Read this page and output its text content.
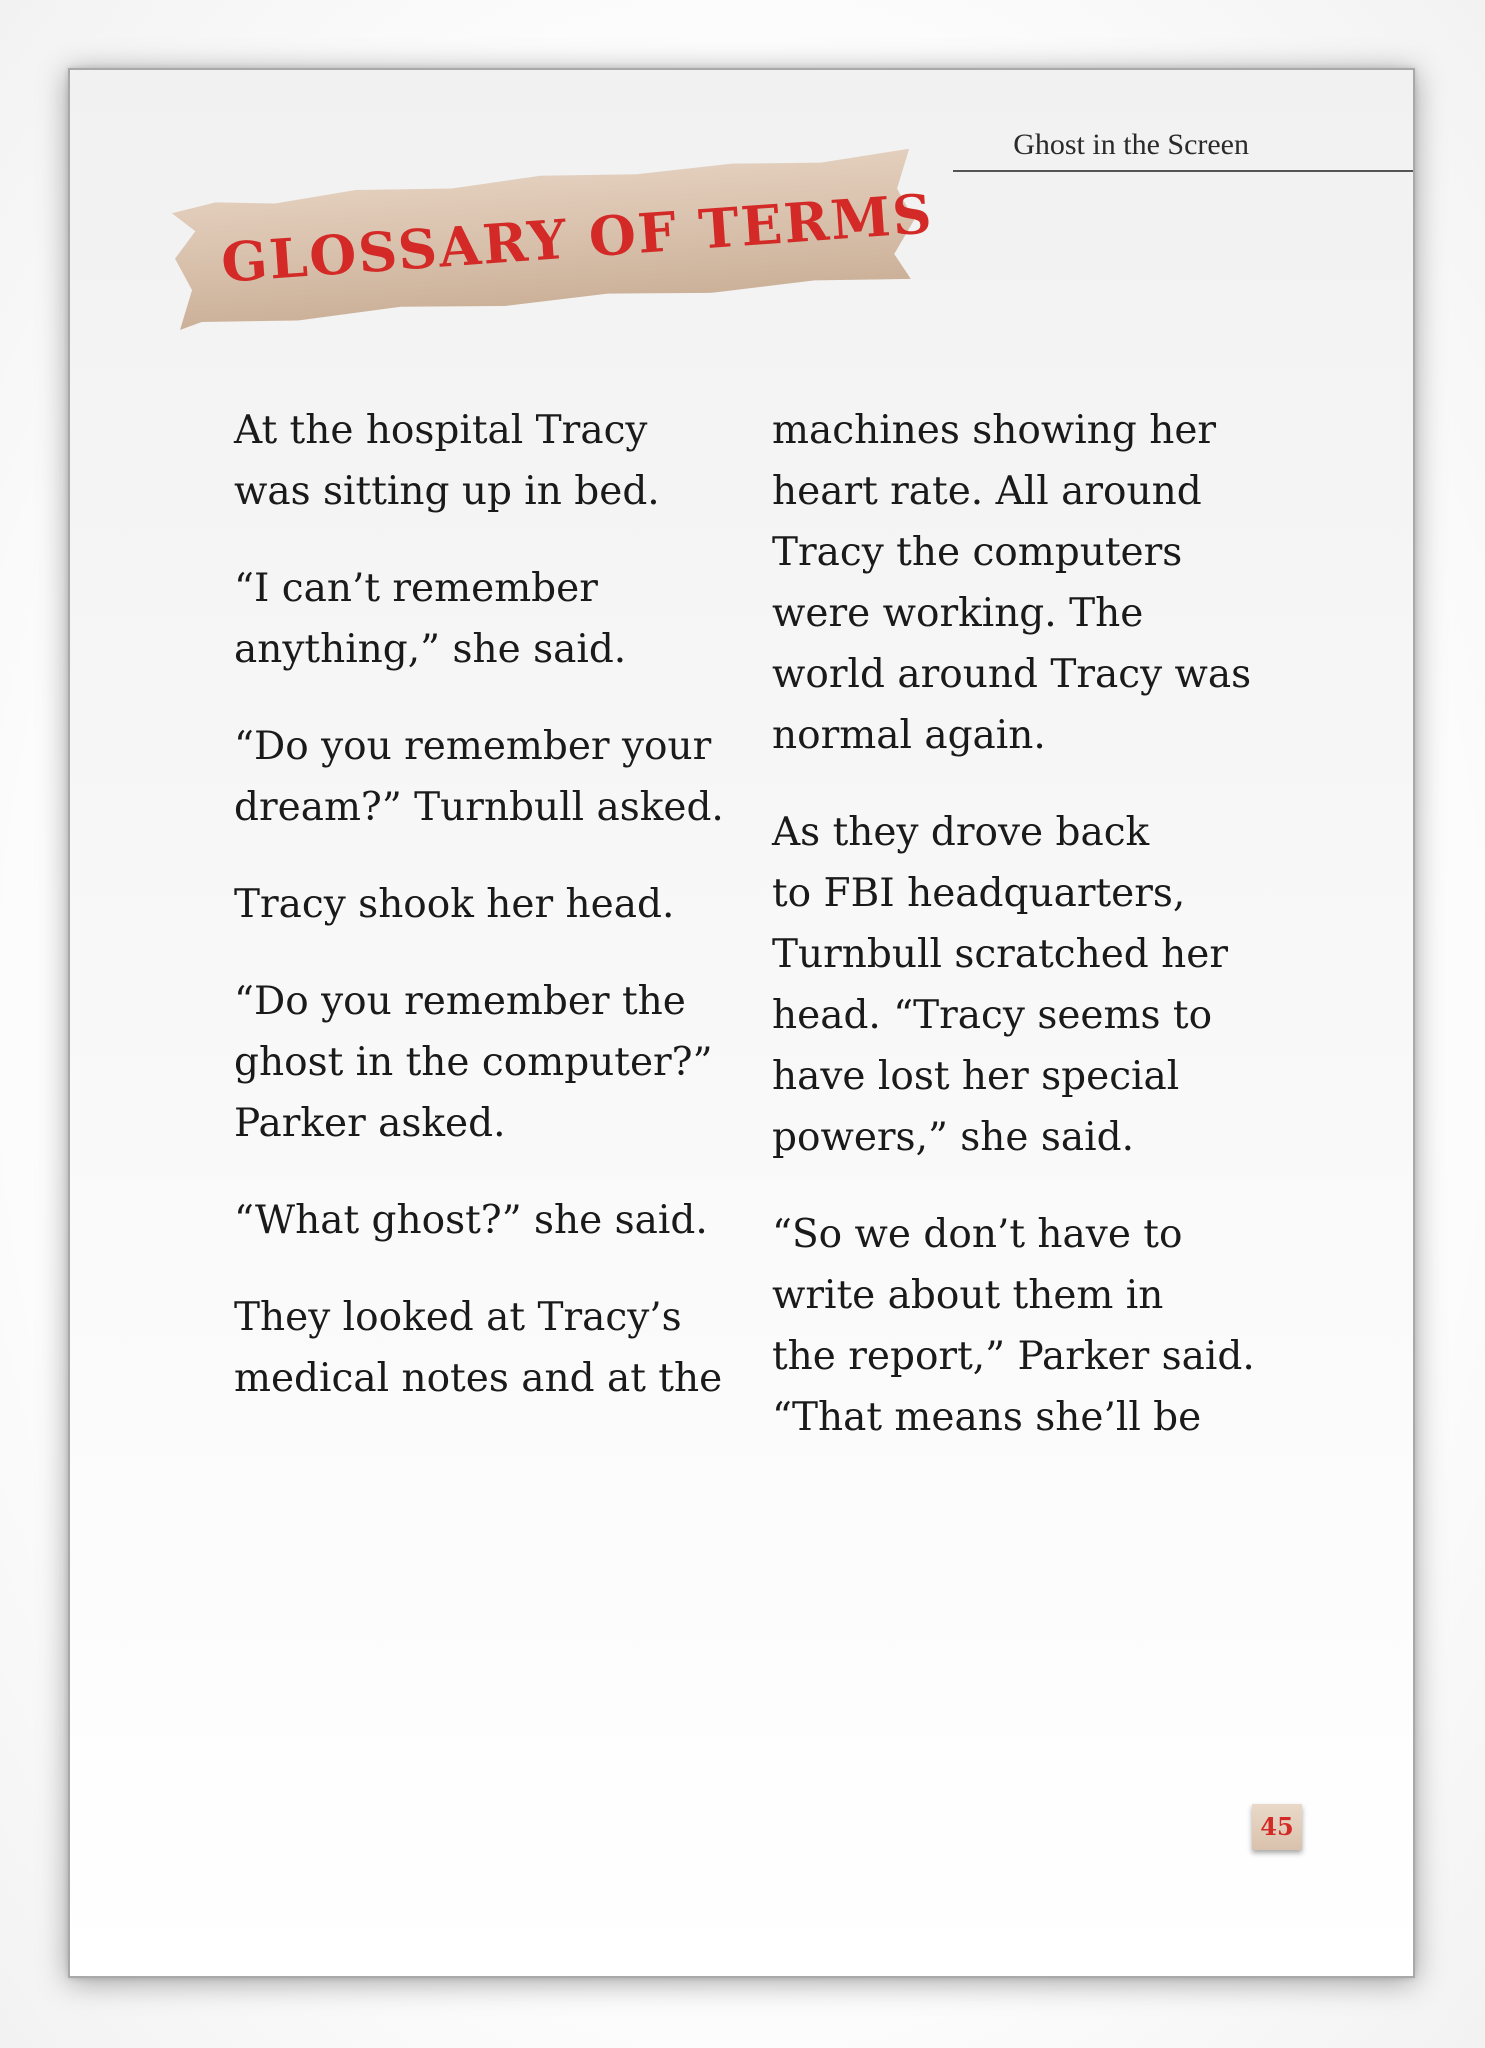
Ghost in the Screen
GLOSSARY OF TERMS

At the hospital Tracy
was sitting up in bed.

“I can’t remember
anything,” she said.

“Do you remember your
dream?” Turnbull asked.

Tracy shook her head.

“Do you remember the
ghost in the computer?”
Parker asked.

“What ghost?” she said.

They looked at Tracy’s
medical notes and at the

machines showing her
heart rate. All around
Tracy the computers
were working. The
world around Tracy was
normal again.

As they drove back
to FBI headquarters,
Turnbull scratched her
head. “Tracy seems to
have lost her special
powers,” she said.

“So we don’t have to
write about them in
the report,” Parker said.
“That means she’ll be

45
